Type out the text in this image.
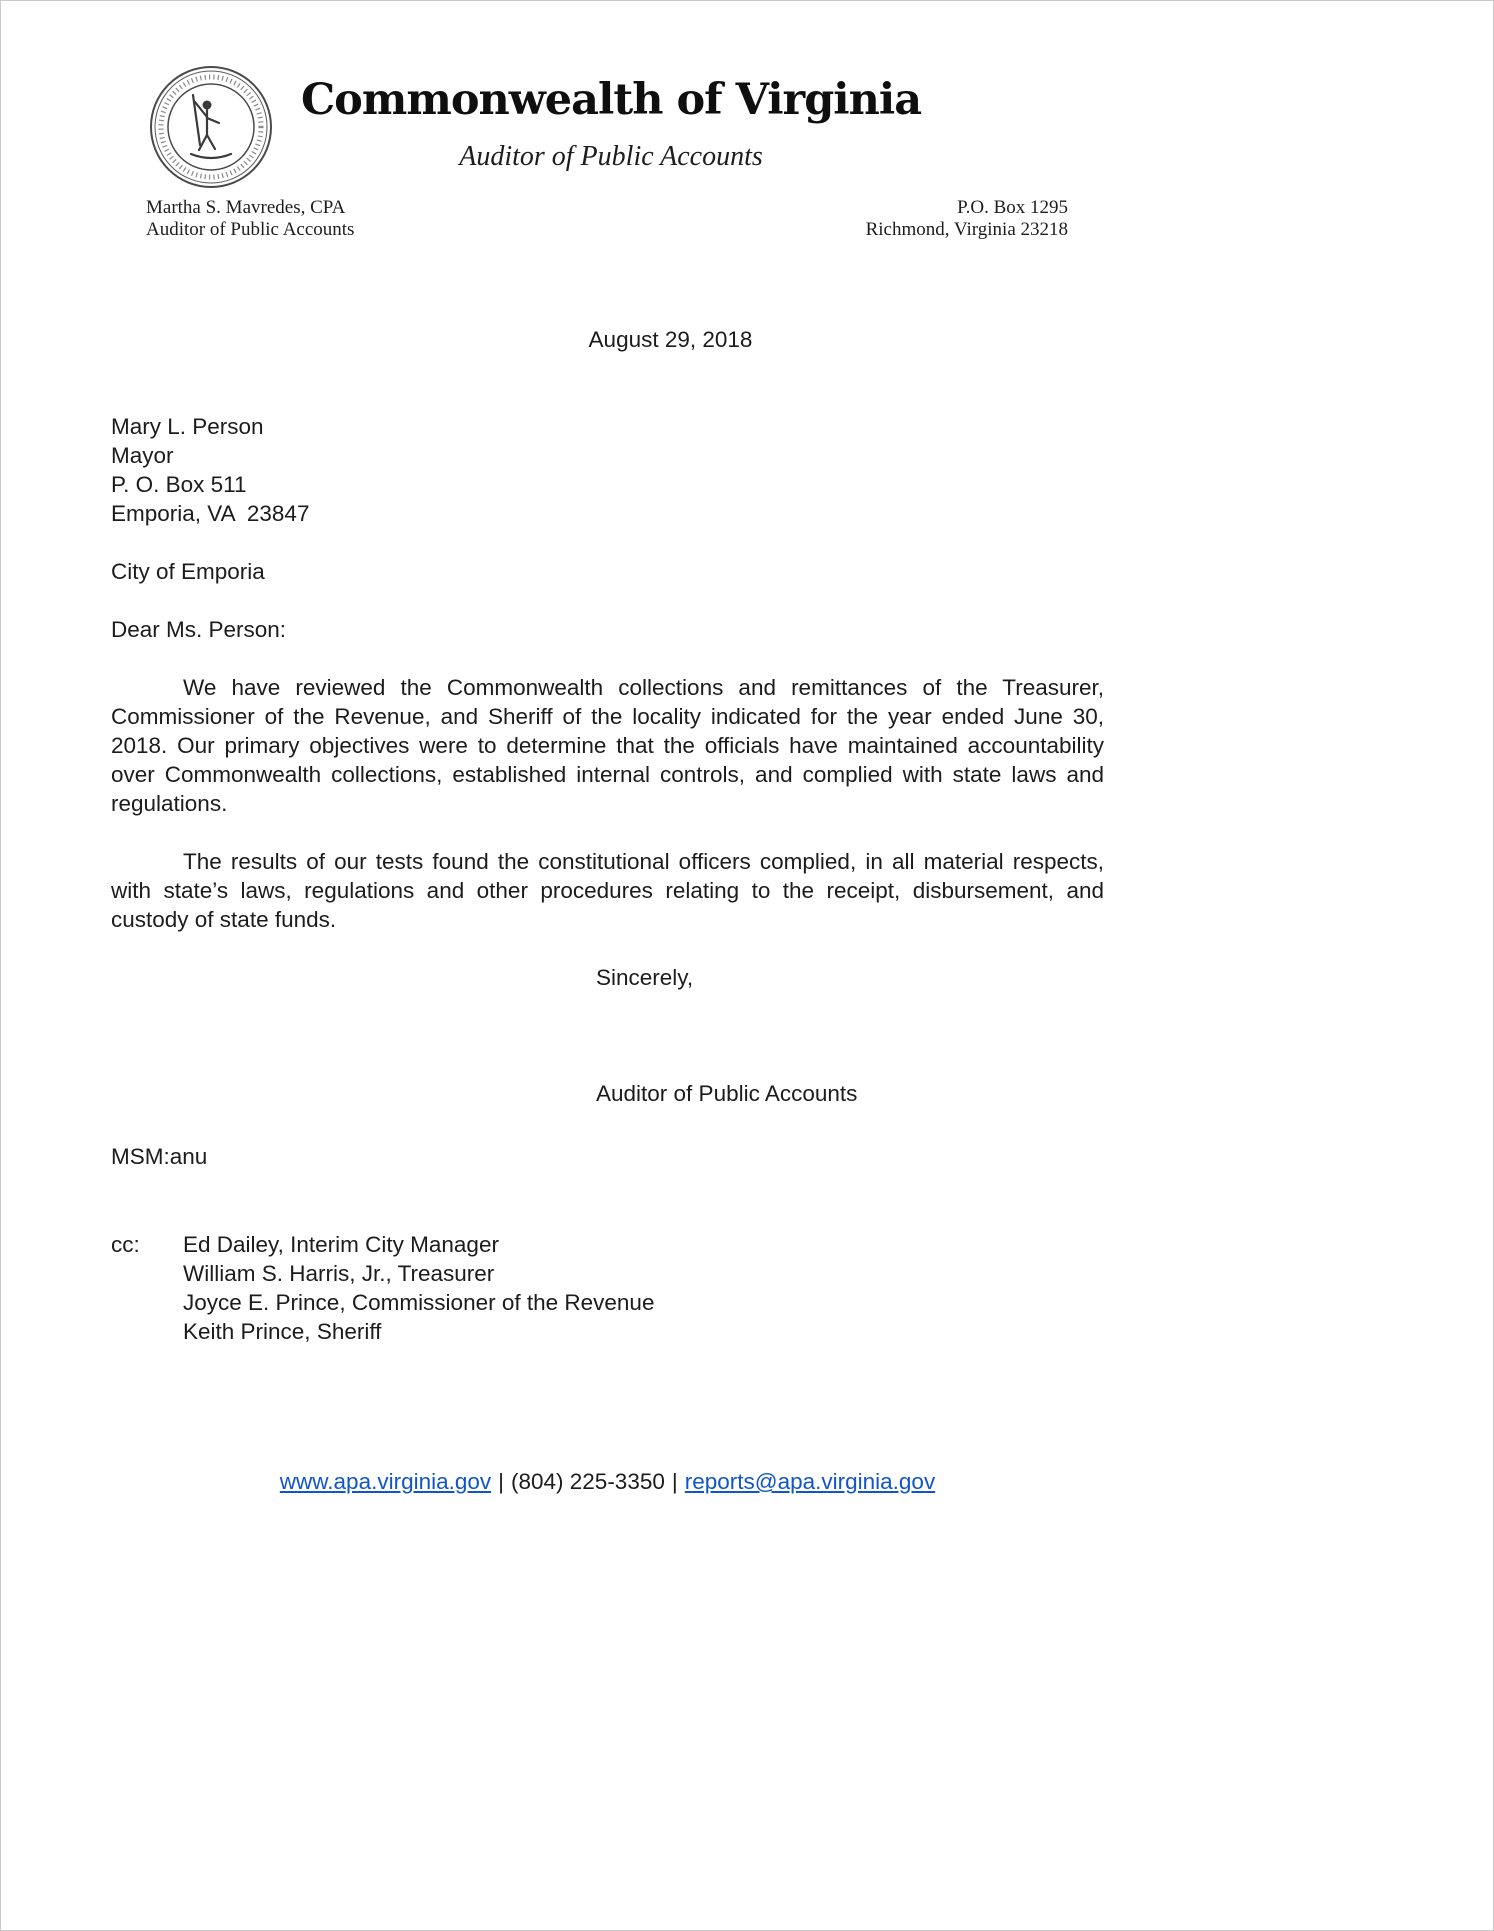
Commonwealth of Virginia
Auditor of Public Accounts
Martha S. Mavredes, CPA
Auditor of Public Accounts
P.O. Box 1295
Richmond, Virginia 23218

August 29, 2018

Mary L. Person
Mayor
P. O. Box 511
Emporia, VA  23847

City of Emporia

Dear Ms. Person:

We have reviewed the Commonwealth collections and remittances of the Treasurer, Commissioner of the Revenue, and Sheriff of the locality indicated for the year ended June 30, 2018. Our primary objectives were to determine that the officials have maintained accountability over Commonwealth collections, established internal controls, and complied with state laws and regulations.

The results of our tests found the constitutional officers complied, in all material respects, with state’s laws, regulations and other procedures relating to the receipt, disbursement, and custody of state funds.

Sincerely,

Auditor of Public Accounts

MSM:anu

cc:	Ed Dailey, Interim City Manager
William S. Harris, Jr., Treasurer
Joyce E. Prince, Commissioner of the Revenue
Keith Prince, Sheriff
www.apa.virginia.gov | (804) 225-3350 | reports@apa.virginia.gov
